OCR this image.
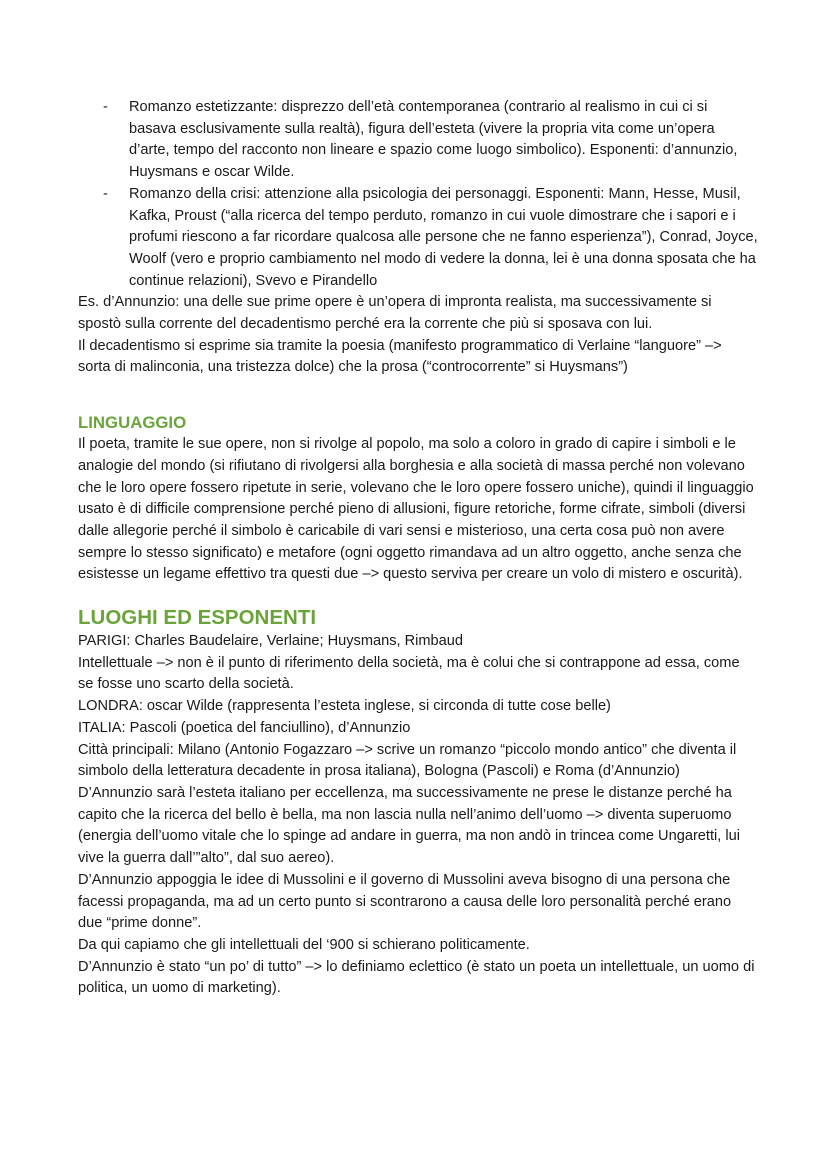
- Romanzo estetizzante: disprezzo dell’età contemporanea (contrario al realismo in cui ci si basava esclusivamente sulla realtà), figura dell’esteta (vivere la propria vita come un’opera d’arte, tempo del racconto non lineare e spazio come luogo simbolico). Esponenti: d’annunzio, Huysmans e oscar Wilde.
- Romanzo della crisi: attenzione alla psicologia dei personaggi. Esponenti: Mann, Hesse, Musil, Kafka, Proust (“alla ricerca del tempo perduto, romanzo in cui vuole dimostrare che i sapori e i profumi riescono a far ricordare qualcosa alle persone che ne fanno esperienza”), Conrad, Joyce, Woolf (vero e proprio cambiamento nel modo di vedere la donna, lei è una donna sposata che ha continue relazioni), Svevo e Pirandello

Es. d’Annunzio: una delle sue prime opere è un’opera di impronta realista, ma successivamente si spostò sulla corrente del decadentismo perché era la corrente che più si sposava con lui.

Il decadentismo si esprime sia tramite la poesia (manifesto programmatico di Verlaine “languore” –> sorta di malinconia, una tristezza dolce) che la prosa (“controcorrente” si Huysmans”)

LINGUAGGIO

Il poeta, tramite le sue opere, non si rivolge al popolo, ma solo a coloro in grado di capire i simboli e le analogie del mondo (si rifiutano di rivolgersi alla borghesia e alla società di massa perché non volevano che le loro opere fossero ripetute in serie, volevano che le loro opere fossero uniche), quindi il linguaggio usato è di difficile comprensione perché pieno di allusioni, figure retoriche, forme cifrate, simboli (diversi dalle allegorie perché il simbolo è caricabile di vari sensi e misterioso, una certa cosa può non avere sempre lo stesso significato) e metafore (ogni oggetto rimandava ad un altro oggetto, anche senza che esistesse un legame effettivo tra questi due –> questo serviva per creare un volo di mistero e oscurità).

LUOGHI ED ESPONENTI

PARIGI: Charles Baudelaire, Verlaine; Huysmans, Rimbaud

Intellettuale –> non è il punto di riferimento della società, ma è colui che si contrappone ad essa, come se fosse uno scarto della società.

LONDRA: oscar Wilde (rappresenta l’esteta inglese, si circonda di tutte cose belle)

ITALIA: Pascoli (poetica del fanciullino), d’Annunzio

Città principali: Milano (Antonio Fogazzaro –> scrive un romanzo “piccolo mondo antico” che diventa il simbolo della letteratura decadente in prosa italiana), Bologna (Pascoli) e Roma (d’Annunzio)

D’Annunzio sarà l’esteta italiano per eccellenza, ma successivamente ne prese le distanze perché ha capito che la ricerca del bello è bella, ma non lascia nulla nell’animo dell’uomo –> diventa superuomo (energia dell’uomo vitale che lo spinge ad andare in guerra, ma non andò in trincea come Ungaretti, lui vive la guerra dall’”alto”, dal suo aereo).

D’Annunzio appoggia le idee di Mussolini e il governo di Mussolini aveva bisogno di una persona che facessi propaganda, ma ad un certo punto si scontrarono a causa delle loro personalità perché erano due “prime donne”.

Da qui capiamo che gli intellettuali del ‘900 si schierano politicamente.

D’Annunzio è stato “un po’ di tutto” –> lo definiamo eclettico (è stato un poeta un intellettuale, un uomo di politica, un uomo di marketing).
